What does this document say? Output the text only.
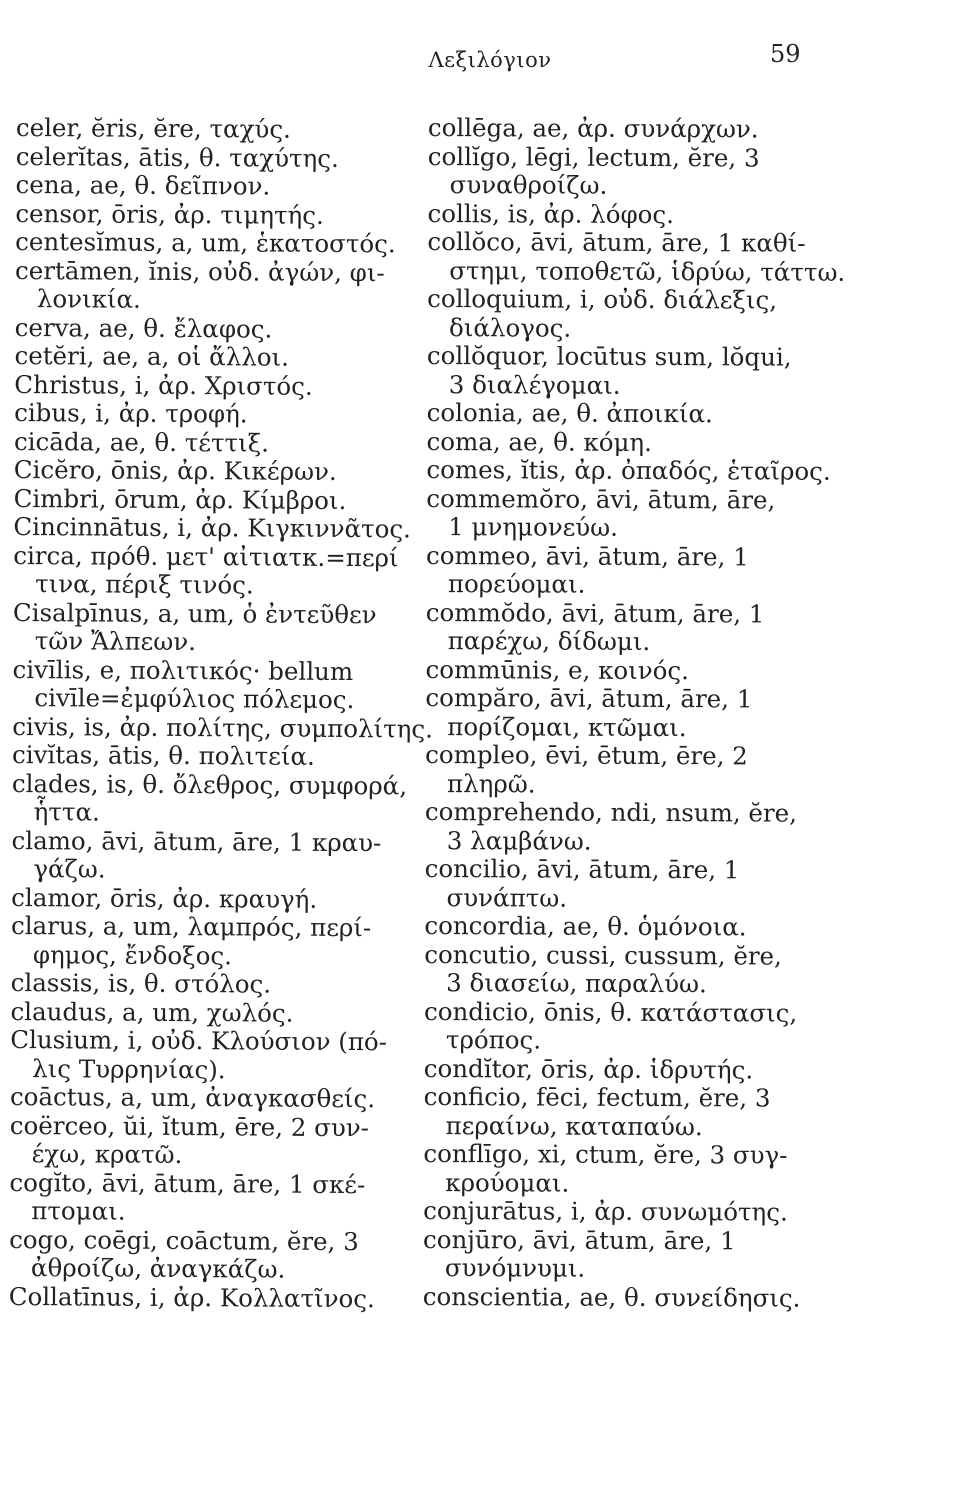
Λεξιλόγιον	59
celer, ĕris, ĕre, ταχύς.
celerĭtas, ātis, θ. ταχύτης.
cena, ae, θ. δεῖπνον.
censor, ōris, ἀρ. τιμητής.
centesĭmus, a, um, ἑκατοστός.
certāmen, ĭnis, οὐδ. ἀγών, φι-
λονικία.
cerva, ae, θ. ἔλαφος.
cetĕri, ae, a, οἱ ἄλλοι.
Christus, i, ἀρ. Χριστός.
cibus, i, ἀρ. τροφή.
cicāda, ae, θ. τέττιξ.
Cicĕro, ōnis, ἀρ. Κικέρων.
Cimbri, ōrum, ἀρ. Κίμβροι.
Cincinnātus, i, ἀρ. Κιγκιννᾶτος.
circa, πρόθ. μετ' αἰτιατκ.=περί
τινα, πέριξ τινός.
Cisalpīnus, a, um, ὁ ἐντεῦθεν
τῶν Ἄλπεων.
civīlis, e, πολιτικός· bellum
civīle=ἐμφύλιος πόλεμος.
civis, is, ἀρ. πολίτης, συμπολίτης.
civĭtas, ātis, θ. πολιτεία.
clades, is, θ. ὄλεθρος, συμφορά,
ἧττα.
clamo, āvi, ātum, āre, 1 κραυ-
γάζω.
clamor, ōris, ἀρ. κραυγή.
clarus, a, um, λαμπρός, περί-
φημος, ἔνδοξος.
classis, is, θ. στόλος.
claudus, a, um, χωλός.
Clusium, i, οὐδ. Κλούσιον (πό-
λις Τυρρηνίας).
coāctus, a, um, ἀναγκασθείς.
coërceo, ŭi, ĭtum, ēre, 2 συν-
έχω, κρατῶ.
cogĭto, āvi, ātum, āre, 1 σκέ-
πτομαι.
cogo, coēgi, coāctum, ĕre, 3
ἀθροίζω, ἀναγκάζω.
Collatīnus, i, ἀρ. Κολλατῖνος.
collēga, ae, ἀρ. συνάρχων.
collĭgo, lēgi, lectum, ĕre, 3
συναθροίζω.
collis, is, ἀρ. λόφος.
collŏco, āvi, ātum, āre, 1 καθί-
στημι, τοποθετῶ, ἱδρύω, τάττω.
colloquium, i, οὐδ. διάλεξις,
διάλογος.
collŏquor, locūtus sum, lŏqui,
3 διαλέγομαι.
colonia, ae, θ. ἀποικία.
coma, ae, θ. κόμη.
comes, ĭtis, ἀρ. ὀπαδός, ἑταῖρος.
commemŏro, āvi, ātum, āre,
1 μνημονεύω.
commeo, āvi, ātum, āre, 1
πορεύομαι.
commŏdo, āvi, ātum, āre, 1
παρέχω, δίδωμι.
commūnis, e, κοινός.
compăro, āvi, ātum, āre, 1
πορίζομαι, κτῶμαι.
compleo, ēvi, ētum, ēre, 2
πληρῶ.
comprehendo, ndi, nsum, ĕre,
3 λαμβάνω.
concilio, āvi, ātum, āre, 1
συνάπτω.
concordia, ae, θ. ὁμόνοια.
concutio, cussi, cussum, ĕre,
3 διασείω, παραλύω.
condicio, ōnis, θ. κατάστασις,
τρόπος.
condĭtor, ōris, ἀρ. ἱδρυτής.
conficio, fēci, fectum, ĕre, 3
περαίνω, καταπαύω.
conflīgo, xi, ctum, ĕre, 3 συγ-
κρούομαι.
conjurātus, i, ἀρ. συνωμότης.
conjūro, āvi, ātum, āre, 1
συνόμνυμι.
conscientia, ae, θ. συνείδησις.
